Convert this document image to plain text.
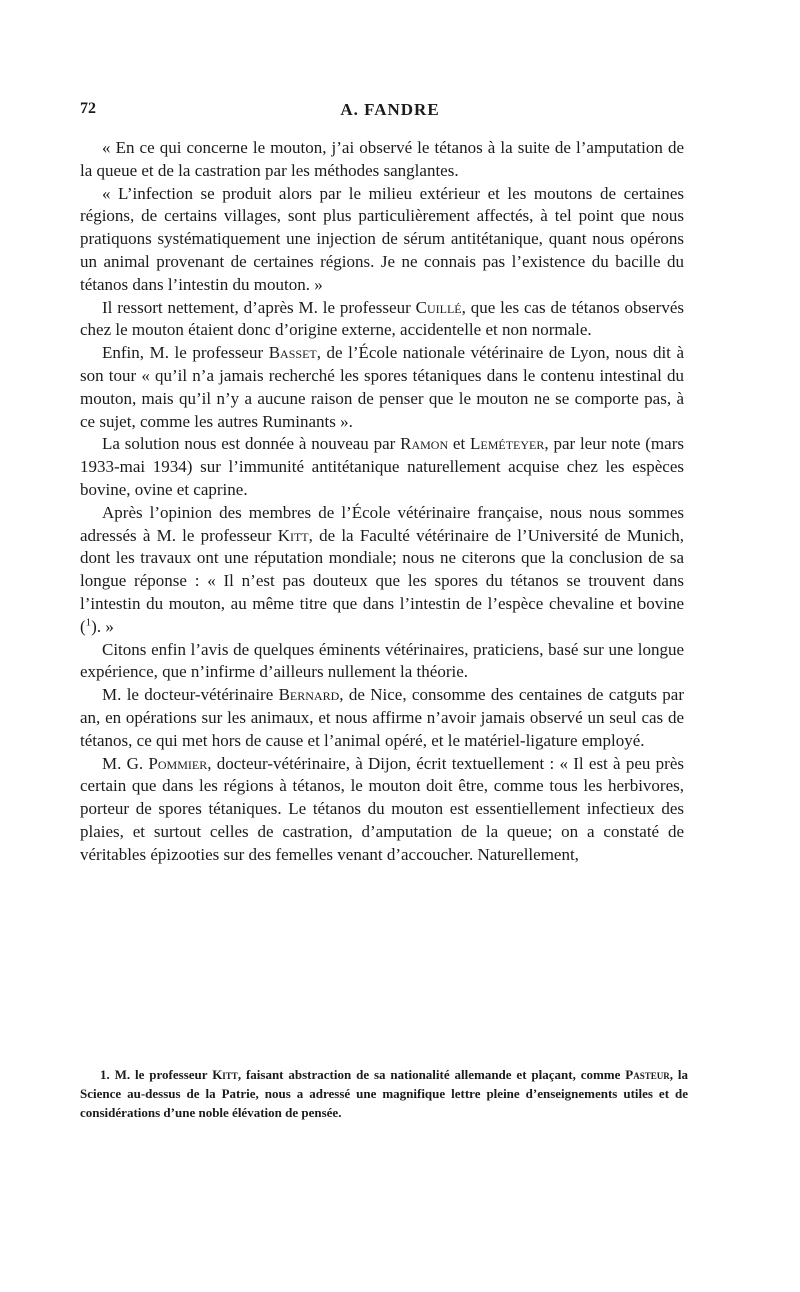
72	A. FANDRE

« En ce qui concerne le mouton, j’ai observé le tétanos à la suite de l’amputation de la queue et de la castration par les méthodes sanglantes.

« L’infection se produit alors par le milieu extérieur et les moutons de certaines régions, de certains villages, sont plus particulièrement affectés, à tel point que nous pratiquons systématiquement une injection de sérum antitétanique, quant nous opérons un animal provenant de certaines régions. Je ne connais pas l’existence du bacille du tétanos dans l’intestin du mouton. »

Il ressort nettement, d’après M. le professeur Cuillé, que les cas de tétanos observés chez le mouton étaient donc d’origine externe, accidentelle et non normale.

Enfin, M. le professeur Basset, de l’École nationale vétérinaire de Lyon, nous dit à son tour « qu’il n’a jamais recherché les spores tétaniques dans le contenu intestinal du mouton, mais qu’il n’y a aucune raison de penser que le mouton ne se comporte pas, à ce sujet, comme les autres Ruminants ».

La solution nous est donnée à nouveau par Ramon et Leméteyer, par leur note (mars 1933-mai 1934) sur l’immunité antitétanique naturellement acquise chez les espèces bovine, ovine et caprine.

Après l’opinion des membres de l’École vétérinaire française, nous nous sommes adressés à M. le professeur Kitt, de la Faculté vétérinaire de l’Université de Munich, dont les travaux ont une réputation mondiale; nous ne citerons que la conclusion de sa longue réponse : « Il n’est pas douteux que les spores du tétanos se trouvent dans l’intestin du mouton, au même titre que dans l’intestin de l’espèce chevaline et bovine ($^1$). »

Citons enfin l’avis de quelques éminents vétérinaires, praticiens, basé sur une longue expérience, que n’infirme d’ailleurs nullement la théorie.

M. le docteur-vétérinaire Bernard, de Nice, consomme des centaines de catguts par an, en opérations sur les animaux, et nous affirme n’avoir jamais observé un seul cas de tétanos, ce qui met hors de cause et l’animal opéré, et le matériel-ligature employé.

M. G. Pommier, docteur-vétérinaire, à Dijon, écrit textuellement : « Il est à peu près certain que dans les régions à tétanos, le mouton doit être, comme tous les herbivores, porteur de spores tétaniques. Le tétanos du mouton est essentiellement infectieux des plaies, et surtout celles de castration, d’amputation de la queue; on a constaté de véritables épizooties sur des femelles venant d’accoucher. Naturellement,

1. M. le professeur Kitt, faisant abstraction de sa nationalité allemande et plaçant, comme Pasteur, la Science au-dessus de la Patrie, nous a adressé une magnifique lettre pleine d’enseignements utiles et de considérations d’une noble élévation de pensée.
